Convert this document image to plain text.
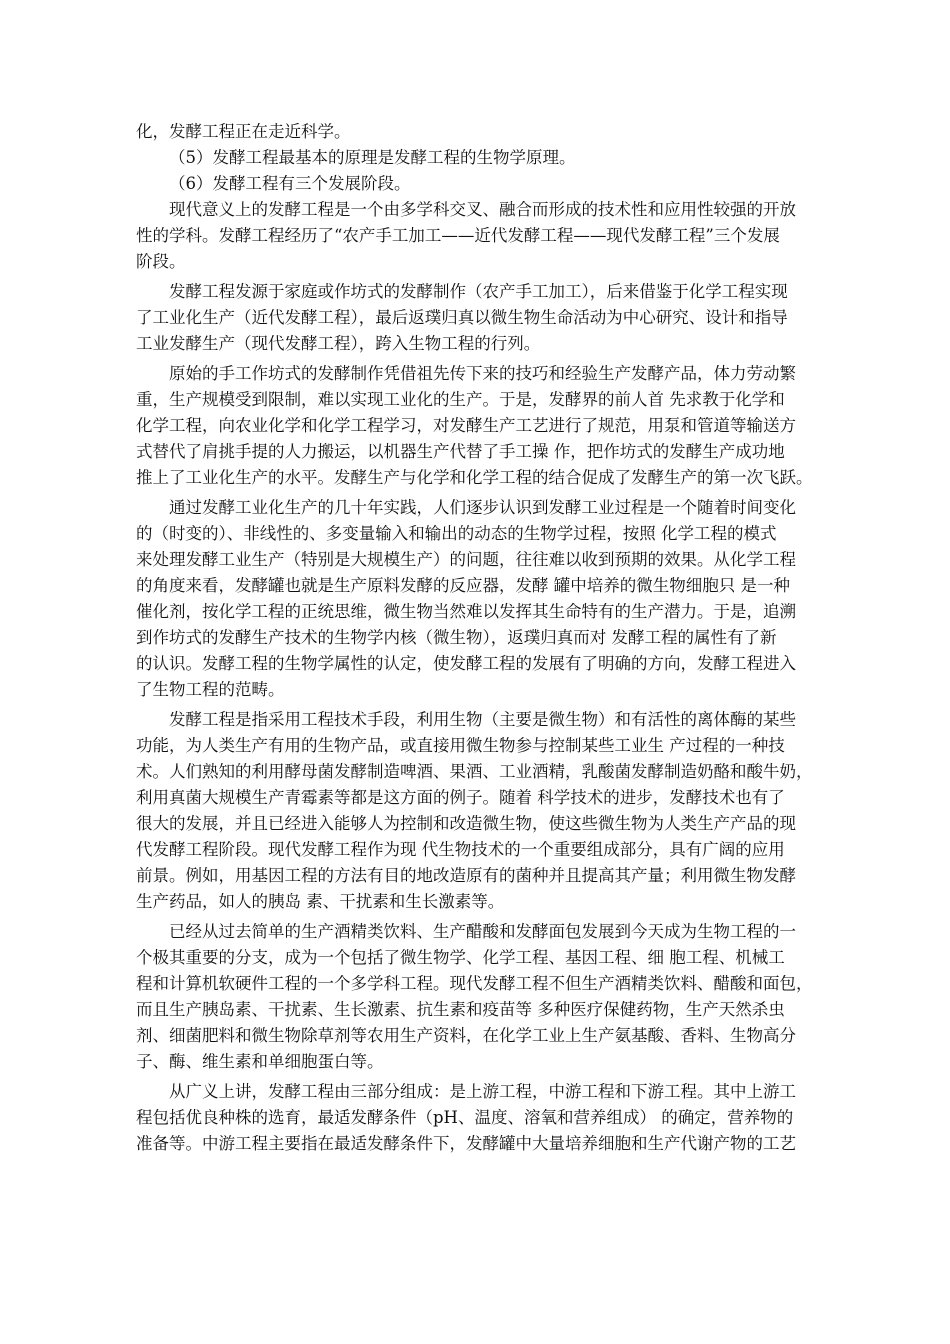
化，发酵工程正在走近科学。
（5）发酵工程最基本的原理是发酵工程的生物学原理。
（6）发酵工程有三个发展阶段。
现代意义上的发酵工程是一个由多学科交叉、融合而形成的技术性和应用性较强的开放
性的学科。发酵工程经历了“农产手工加工——近代发酵工程——现代发酵工程”三个发展
阶段。
发酵工程发源于家庭或作坊式的发酵制作（农产手工加工），后来借鉴于化学工程实现
了工业化生产（近代发酵工程），最后返璞归真以微生物生命活动为中心研究、设计和指导
工业发酵生产（现代发酵工程），跨入生物工程的行列。
原始的手工作坊式的发酵制作凭借祖先传下来的技巧和经验生产发酵产品，体力劳动繁
重，生产规模受到限制，难以实现工业化的生产。于是，发酵界的前人首 先求教于化学和
化学工程，向农业化学和化学工程学习，对发酵生产工艺进行了规范，用泵和管道等输送方
式替代了肩挑手提的人力搬运，以机器生产代替了手工操 作，把作坊式的发酵生产成功地
推上了工业化生产的水平。发酵生产与化学和化学工程的结合促成了发酵生产的第一次飞跃。
通过发酵工业化生产的几十年实践，人们逐步认识到发酵工业过程是一个随着时间变化
的（时变的）、非线性的、多变量输入和输出的动态的生物学过程，按照 化学工程的模式
来处理发酵工业生产（特别是大规模生产）的问题，往往难以收到预期的效果。从化学工程
的角度来看，发酵罐也就是生产原料发酵的反应器，发酵 罐中培养的微生物细胞只 是一种
催化剂，按化学工程的正统思维，微生物当然难以发挥其生命特有的生产潜力。于是，追溯
到作坊式的发酵生产技术的生物学内核（微生物），返璞归真而对 发酵工程的属性有了新
的认识。发酵工程的生物学属性的认定，使发酵工程的发展有了明确的方向，发酵工程进入
了生物工程的范畴。
发酵工程是指采用工程技术手段，利用生物（主要是微生物）和有活性的离体酶的某些
功能，为人类生产有用的生物产品，或直接用微生物参与控制某些工业生 产过程的一种技
术。人们熟知的利用酵母菌发酵制造啤酒、果酒、工业酒精，乳酸菌发酵制造奶酪和酸牛奶，
利用真菌大规模生产青霉素等都是这方面的例子。随着 科学技术的进步，发酵技术也有了
很大的发展，并且已经进入能够人为控制和改造微生物，使这些微生物为人类生产产品的现
代发酵工程阶段。现代发酵工程作为现 代生物技术的一个重要组成部分，具有广阔的应用
前景。例如，用基因工程的方法有目的地改造原有的菌种并且提高其产量；利用微生物发酵
生产药品，如人的胰岛 素、干扰素和生长激素等。
已经从过去简单的生产酒精类饮料、生产醋酸和发酵面包发展到今天成为生物工程的一
个极其重要的分支，成为一个包括了微生物学、化学工程、基因工程、细 胞工程、机械工
程和计算机软硬件工程的一个多学科工程。现代发酵工程不但生产酒精类饮料、醋酸和面包，
而且生产胰岛素、干扰素、生长激素、抗生素和疫苗等 多种医疗保健药物，生产天然杀虫
剂、细菌肥料和微生物除草剂等农用生产资料，在化学工业上生产氨基酸、香料、生物高分
子、酶、维生素和单细胞蛋白等。
从广义上讲，发酵工程由三部分组成：是上游工程，中游工程和下游工程。其中上游工
程包括优良种株的选育，最适发酵条件（pH、温度、溶氧和营养组成） 的确定，营养物的
准备等。中游工程主要指在最适发酵条件下，发酵罐中大量培养细胞和生产代谢产物的工艺
